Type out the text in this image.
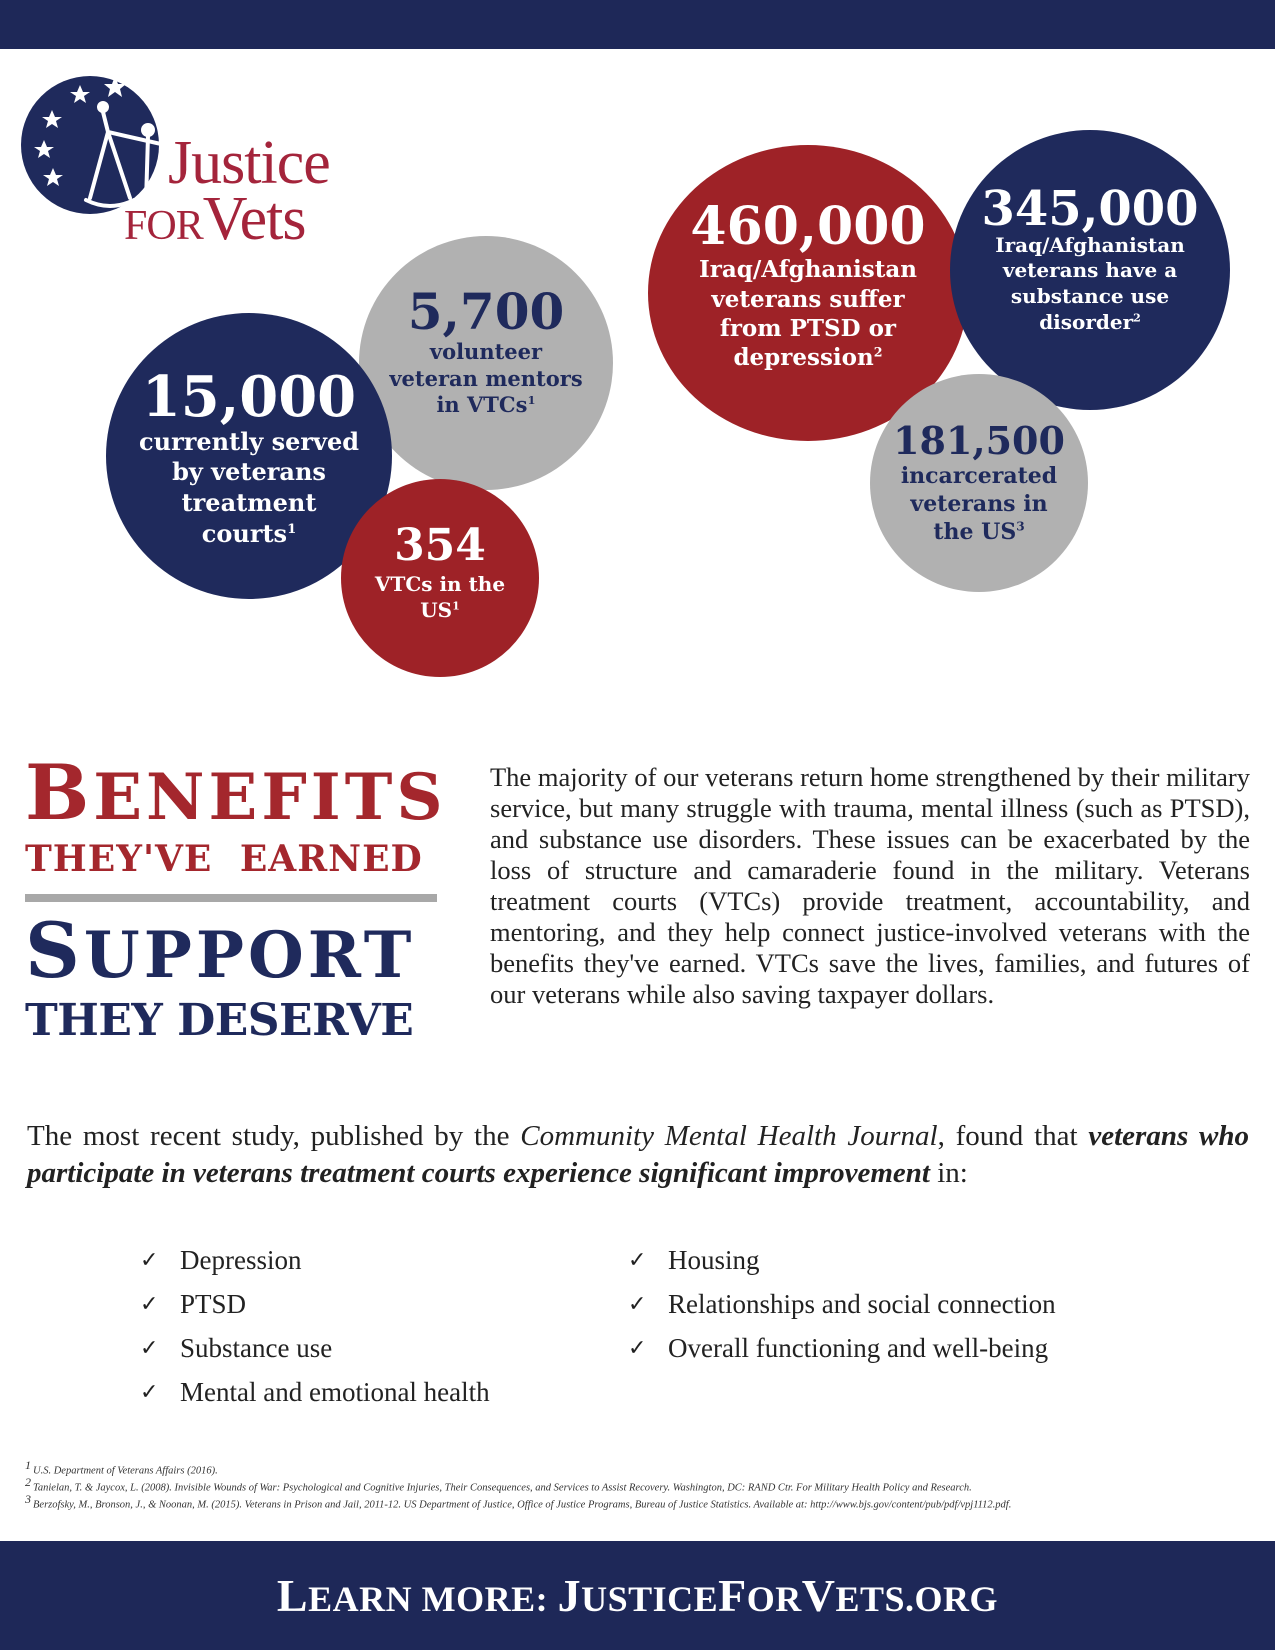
Justice
FORVets
15,000
currently served
by veterans
treatment
courts$^1$
5,700
volunteer
veteran mentors
in VTCs$^1$
354
VTCs in the
$US^1$
460,000
Iraq/Afghanistan
veterans suffer
from PTSD or
depression$^2$
345,000
Iraq/Afghanistan
veterans have a
substance use
disorder$^2$
181,500
incarcerated
veterans in
the $US^3$
BENEFITS
THEY'VE EARNED
SUPPORT
THEY DESERVE
The majority of our veterans return home strengthened by their military service, but many struggle with trauma, mental illness (such as PTSD), and substance use disorders. These issues can be exacerbated by the loss of structure and camaraderie found in the military. Veterans treatment courts (VTCs) provide treatment, accountability, and mentoring, and they help connect justice-involved veterans with the benefits they've earned. VTCs save the lives, families, and futures of our veterans while also saving taxpayer dollars.
The most recent study, published by the Community Mental Health Journal, found that veterans who participate in veterans treatment courts experience significant improvement in:
✓ Depression
✓ PTSD
✓ Substance use
✓ Mental and emotional health
✓ Housing
✓ Relationships and social connection
✓ Overall functioning and well-being
1 U.S. Department of Veterans Affairs (2016).
2 Tanielan, T. & Jaycox, L. (2008). Invisible Wounds of War: Psychological and Cognitive Injuries, Their Consequences, and Services to Assist Recovery. Washington, DC: RAND Ctr. For Military Health Policy and Research.
3 Berzofsky, M., Bronson, J., & Noonan, M. (2015). Veterans in Prison and Jail, 2011-12. US Department of Justice, Office of Justice Programs, Bureau of Justice Statistics. Available at: http://www.bjs.gov/content/pub/pdf/vpj1112.pdf.
LEARN MORE: JUSTICEFORVETS.ORG
